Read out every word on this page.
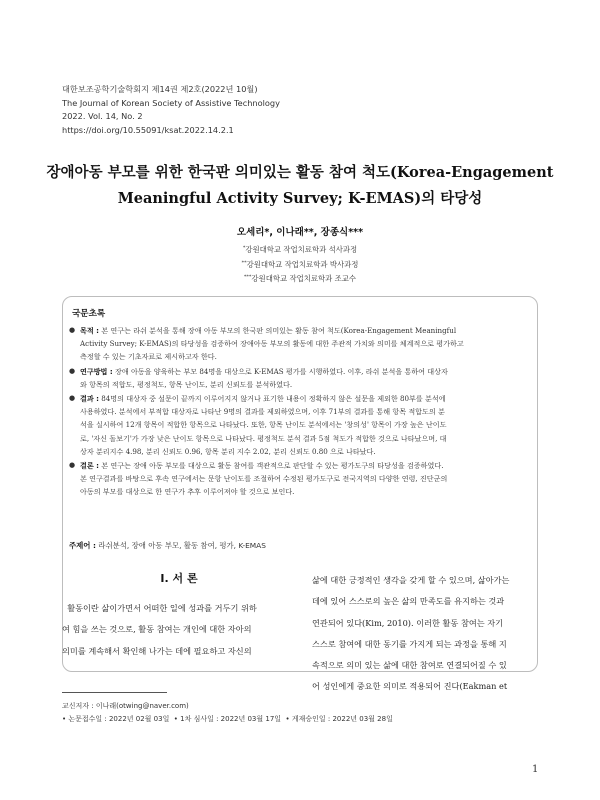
대한보조공학기술학회지 제14권 제2호(2022년 10월)
The Journal of Korean Society of Assistive Technology
2022. Vol. 14, No. 2
https://doi.org/10.55091/ksat.2022.14.2.1
장애아동 부모를 위한 한국판 의미있는 활동 참여 척도(Korea-Engagement
Meaningful Activity Survey; K-EMAS)의 타당성
오세리*, 이나래**, 장종식***
*강원대학교 작업치료학과 석사과정
**강원대학교 작업치료학과 박사과정
***강원대학교 작업치료학과 조교수
국문초록
● 목적 : 본 연구는 라쉬 분석을 통해 장애 아동 부모의 한국판 의미있는 활동 참여 척도(Korea-Engagement Meaningful
Activity Survey; K-EMAS)의 타당성을 검증하여 장애아동 부모의 활동에 대한 주관적 가치와 의미를 체계적으로 평가하고
측정할 수 있는 기초자료로 제시하고자 한다.
● 연구방법 : 장애 아동을 양육하는 부모 84명을 대상으로 K-EMAS 평가를 시행하였다. 이후, 라쉬 분석을 통하여 대상자
와 항목의 적합도, 평정척도, 항목 난이도, 분리 신뢰도를 분석하였다.
● 결과 : 84명의 대상자 중 설문이 끝까지 이루어지지 않거나 표기한 내용이 정확하지 않은 설문을 제외한 80부를 분석에
사용하였다. 분석에서 부적합 대상자로 나타난 9명의 결과를 제외하였으며, 이후 71부의 결과를 통해 항목 적합도의 분
석을 실시하여 12개 항목이 적합한 항목으로 나타났다. 또한, 항목 난이도 분석에서는 '창의성' 항목이 가장 높은 난이도
로, '자신 돌보기'가 가장 낮은 난이도 항목으로 나타났다. 평정척도 분석 결과 5점 척도가 적합한 것으로 나타났으며, 대
상자 분리지수 4.98, 분리 신뢰도 0.96, 항목 분리 지수 2.02, 분리 신뢰도 0.80 으로 나타났다.
● 결론 : 본 연구는 장애 아동 부모를 대상으로 활동 참여를 객관적으로 판단할 수 있는 평가도구의 타당성을 검증하였다.
본 연구결과를 바탕으로 후속 연구에서는 문항 난이도를 조절하여 수정된 평가도구로 전국지역의 다양한 연령, 진단군의
아동의 부모를 대상으로 한 연구가 추후 이루어져야 할 것으로 보인다.
주제어 : 라쉬분석, 장애 아동 부모, 활동 참여, 평가, K-EMAS
Ⅰ. 서 론
활동이란 삶이가면서 어떠한 일에 성과를 거두기 위하
여 힘을 쓰는 것으로, 활동 참여는 개인에 대한 자아의
의미를 계속해서 확인해 나가는 데에 필요하고 자신의
삶에 대한 긍정적인 생각을 갖게 할 수 있으며, 삶아가는
데에 있어 스스로의 높은 삶의 만족도를 유지하는 것과
연관되어 있다(Kim, 2010). 이러한 활동 참여는 자기
스스로 참여에 대한 동기를 가지게 되는 과정을 통해 지
속적으로 의미 있는 삶에 대한 참여로 연결되어질 수 있
어 성인에게 중요한 의미로 적용되어 진다(Eakman et
교신저자 : 이나래(otwing@naver.com)
• 논문접수일 : 2022년 02월 03일  • 1차 심사일 : 2022년 03월 17일  • 게재승인일 : 2022년 03월 28일
1
